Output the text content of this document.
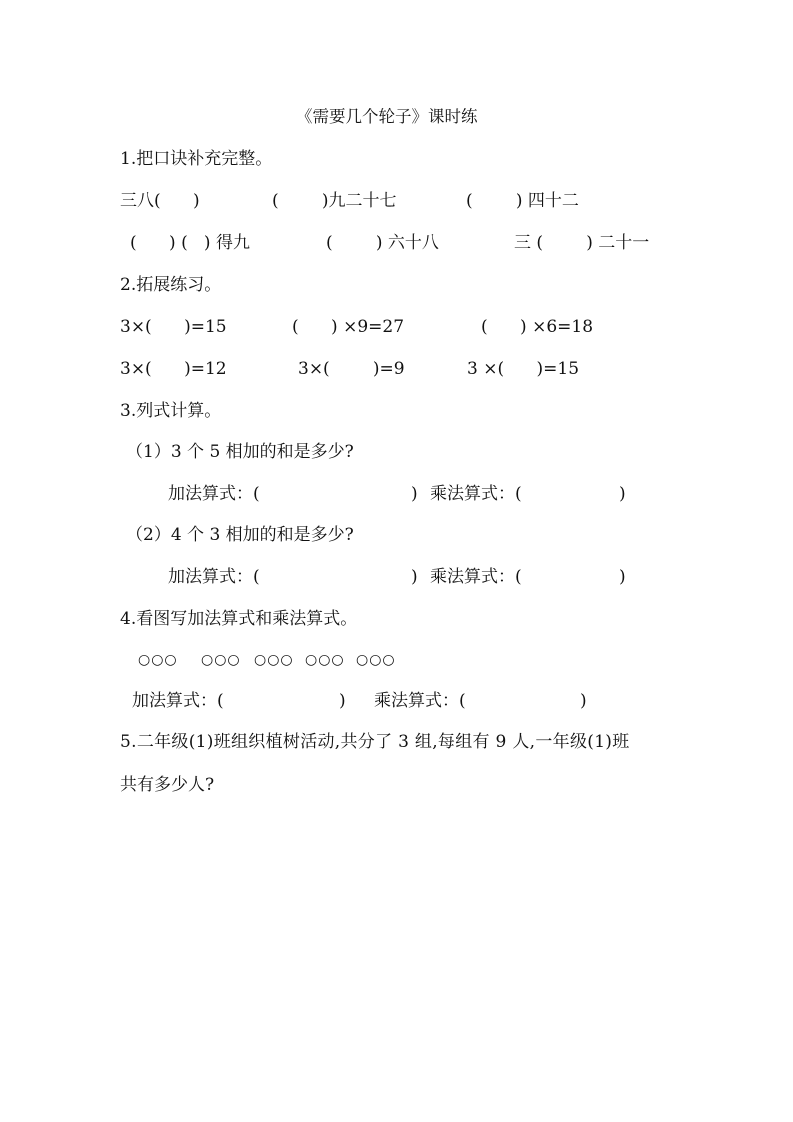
《需要几个轮子》课时练
1.把口诀补充完整。
三八(      )	(        )九二十七	(        ) 四十二
(      ) (   ) 得九	(        ) 六十八	三 (        ) 二十一
2.拓展练习。
3×(      )=15	(      ) ×9=27	(      ) ×6=18
3×(      )=12	3×(        )=9	3 ×(      )=15
3.列式计算。
（1）3 个 5 相加的和是多少?
加法算式：(	) 乘法算式：(	)
（2）4 个 3 相加的和是多少?
加法算式：(	) 乘法算式：(	)
4.看图写加法算式和乘法算式。
○○○ ○○○ ○○○ ○○○ ○○○
加法算式：(	) 乘法算式：(	)
5.二年级(1)班组织植树活动,共分了 3 组,每组有 9 人,一年级(1)班
共有多少人?
